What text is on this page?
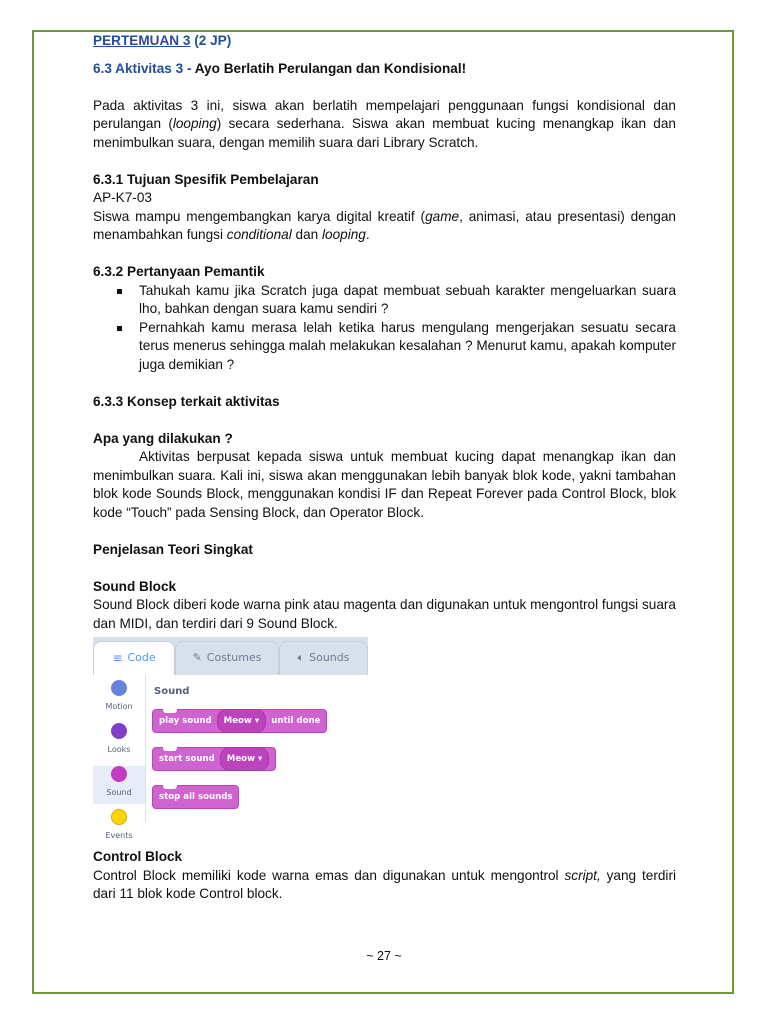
PERTEMUAN 3 (2 JP)

6.3 Aktivitas 3 - Ayo Berlatih Perulangan dan Kondisional!

Pada aktivitas 3 ini, siswa akan berlatih mempelajari penggunaan fungsi kondisional dan perulangan (looping) secara sederhana. Siswa akan membuat kucing menangkap ikan dan menimbulkan suara, dengan memilih suara dari Library Scratch.

6.3.1 Tujuan Spesifik Pembelajaran

AP-K7-03

Siswa mampu mengembangkan karya digital kreatif (game, animasi, atau presentasi) dengan menambahkan fungsi conditional dan looping.

6.3.2 Pertanyaan Pemantik

Tahukah kamu jika Scratch juga dapat membuat sebuah karakter mengeluarkan suara lho, bahkan dengan suara kamu sendiri ?
Pernahkah kamu merasa lelah ketika harus mengulang mengerjakan sesuatu secara terus menerus sehingga malah melakukan kesalahan ? Menurut kamu, apakah komputer juga demikian ?

6.3.3 Konsep terkait aktivitas

Apa yang dilakukan ?

Aktivitas berpusat kepada siswa untuk membuat kucing dapat menangkap ikan dan menimbulkan suara. Kali ini, siswa akan menggunakan lebih banyak blok kode, yakni tambahan blok kode Sounds Block, menggunakan kondisi IF dan Repeat Forever pada Control Block, blok kode “Touch” pada Sensing Block, dan Operator Block.

Penjelasan Teori Singkat

Sound Block

Sound Block diberi kode warna pink atau magenta dan digunakan untuk mengontrol fungsi suara dan MIDI, dan terdiri dari 9 Sound Block.

≡ Code	✎ Costumes	🔈︎ Sounds
Motion
Looks
Sound
Events
Sound
play sound Meow ▾ until done
start sound Meow ▾
stop all sounds

Control Block

Control Block memiliki kode warna emas dan digunakan untuk mengontrol script, yang terdiri dari 11 blok kode Control block.

~ 27 ~
